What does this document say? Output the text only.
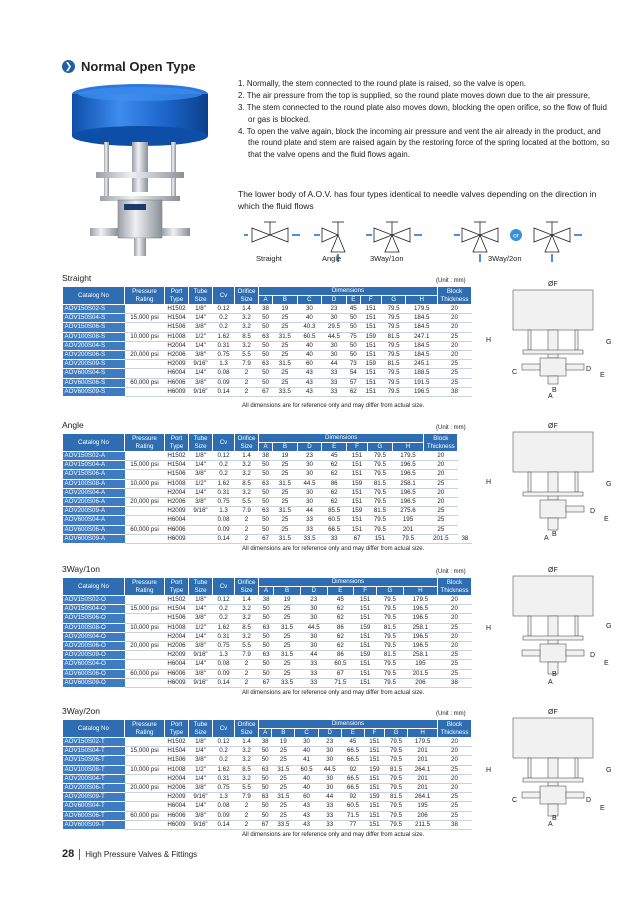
❯ Normal Open Type
1. Normally, the stem connected to the round plate is raised, so the valve is open.
2. The air pressure from the top is supplied, so the round plate moves down due to the air pressure,
3. The stem connected to the round plate also moves down, blocking the open orifice, so the flow of fluid or gas is blocked.
4. To open the valve again, block the incoming air pressure and vent the air already in the product, and the round plate and stem are raised again by the restoring force of the spring located at the bottom, so that the valve opens and the fluid flows again.
The lower body of A.O.V. has four types identical to needle valves depending on the direction in which the fluid flows
or
Straight	Angle	3Way/1on	3Way/2on
Straight	(Unit : mm)
Catalog No	Pressure Rating	Port Type	Tube Size	Cv	Orifice Size	Dimensions								Block Thickness
						A	B	C	D	E	F	G	H	
AOV150S02-S		H1502	1/8"	0.12	1.4	38	19	30	23	45	151	79.5	179.5	20
AOV150S04-S	15,000 psi	H1504	1/4"	0.2	3.2	50	25	40	30	50	151	79.5	184.5	20
AOV150S06-S		H1506	3/8"	0.2	3.2	50	25	40.3	29.5	50	151	79.5	184.5	20
AOV100S08-S	10,000 psi	H1008	1/2"	1.62	8.5	63	31.5	60.5	44.5	75	159	81.5	247.1	25
AOV200S04-S		H2004	1/4"	0.31	3.2	50	25	40	30	50	151	79.5	184.5	20
AOV200S06-S	20,000 psi	H2006	3/8"	0.75	5.5	50	25	40	30	50	151	79.5	184.5	20
AOV200S09-S		H2009	9/16"	1.3	7.9	63	31.5	60	44	73	159	81.5	245.1	25
AOV600S04-S		H6004	1/4"	0.08	2	50	25	43	33	54	151	79.5	188.5	25
AOV600S06-S	60,000 psi	H6006	3/8"	0.09	2	50	25	43	33	57	151	79.5	191.5	25
AOV600S09-S		H6009	9/16"	0.14	2	67	33.5	43	33	62	151	79.5	196.5	38
All dimensions are for reference only and may differ from actual size.
Angle	(Unit : mm)
Catalog No	Pressure Rating	Port Type	Tube Size	Cv	Orifice Size	Dimensions							Block Thickness	
						A	B	D	E	F	G	H		
AOV150S02-A		H1502	1/8"	0.12	1.4	38	19	23	45	151	79.5	179.5	20	
AOV150S04-A	15,000 psi	H1504	1/4"	0.2	3.2	50	25	30	62	151	79.5	196.5	20	
AOV150S06-A		H1506	3/8"	0.2	3.2	50	25	30	62	151	79.5	196.5	20	
AOV100S08-A	10,000 psi	H1008	1/2"	1.62	8.5	63	31.5	44.5	86	159	81.5	258.1	25	
AOV200S04-A		H2004	1/4"	0.31	3.2	50	25	30	62	151	79.5	196.5	20	
AOV200S06-A	20,000 psi	H2006	3/8"	0.75	5.5	50	25	30	62	151	79.5	196.5	20	
AOV200S09-A		H2009	9/16"	1.3	7.9	63	31.5	44	85.5	159	81.5	275.6	25	
AOV600S04-A		H6004		0.08	2	50	25	33	60.5	151	79.5	195	25	
AOV600S06-A	60,000 psi	H6006		0.09	2	50	25	33	66.5	151	79.5	201	25	
AOV600S09-A		H6009		0.14	2	67	31.5	33.5	33	67	151	79.5	201.5	38
All dimensions are for reference only and may differ from actual size.
3Way/1on	(Unit : mm)
Catalog No	Pressure Rating	Port Type	Tube Size	Cv	Orifice Size	Dimensions							Block Thickness
						A	B	D	E	F	G	H	
AOV150S02-O		H1502	1/8"	0.12	1.4	38	19	23	45	151	79.5	179.5	20
AOV150S04-O	15,000 psi	H1504	1/4"	0.2	3.2	50	25	30	62	151	79.5	196.5	20
AOV150S06-O		H1506	3/8"	0.2	3.2	50	25	30	62	151	79.5	196.5	20
AOV100S08-O	10,000 psi	H1008	1/2"	1.62	8.5	63	31.5	44.5	86	159	81.5	258.1	25
AOV200S04-O		H2004	1/4"	0.31	3.2	50	25	30	62	151	79.5	196.5	20
AOV200S06-O	20,000 psi	H2006	3/8"	0.75	5.5	50	25	30	62	151	79.5	196.5	20
AOV200S09-O		H2009	9/16"	1.3	7.9	63	31.5	44	86	159	81.5	258.1	25
AOV600S04-O		H6004	1/4"	0.08	2	50	25	33	60.5	151	79.5	195	25
AOV600S06-O	60,000 psi	H6006	3/8"	0.09	2	50	25	33	67	151	79.5	201.5	25
AOV600S09-O		H6009	9/16"	0.14	2	67	33.5	33	71.5	151	79.5	206	38
All dimensions are for reference only and may differ from actual size.
3Way/2on	(Unit : mm)
Catalog No	Pressure Rating	Port Type	Tube Size	Cv	Orifice Size	Dimensions								Block Thickness
						A	B	C	D	E	F	G	H	
AOV150S02-T		H1502	1/8"	0.12	1.4	38	19	30	23	45	151	79.5	179.5	20
AOV150S04-T	15,000 psi	H1504	1/4"	0.2	3.2	50	25	40	30	66.5	151	79.5	201	20
AOV150S06-T		H1506	3/8"	0.2	3.2	50	25	41	30	66.5	151	79.5	201	20
AOV100S08-T	10,000 psi	H1008	1/2"	1.62	8.5	63	31.5	60.5	44.5	92	159	81.5	264.1	25
AOV200S04-T		H2004	1/4"	0.31	3.2	50	25	40	30	66.5	151	79.5	201	20
AOV200S06-T	20,000 psi	H2006	3/8"	0.75	5.5	50	25	40	30	66.5	151	79.5	201	20
AOV200S09-T		H2009	9/16"	1.3	7.9	63	31.5	60	44	92	159	81.5	264.1	25
AOV600S04-T		H6004	1/4"	0.08	2	50	25	43	33	60.5	151	79.5	195	25
AOV600S06-T	60,000 psi	H6006	3/8"	0.09	2	50	25	43	33	71.5	151	79.5	206	25
AOV600S09-T		H6009	9/16"	0.14	2	67	33.5	43	33	77	151	79.5	211.5	38
All dimensions are for reference only and may differ from actual size.
ØF
H	G
C	D
E
B
A
ØF
H	G
D
E
B
A
ØF
H	G
D
E
B
A
ØF
H	G
C	D
E
B
A
28 High Pressure Valves & Fittings
